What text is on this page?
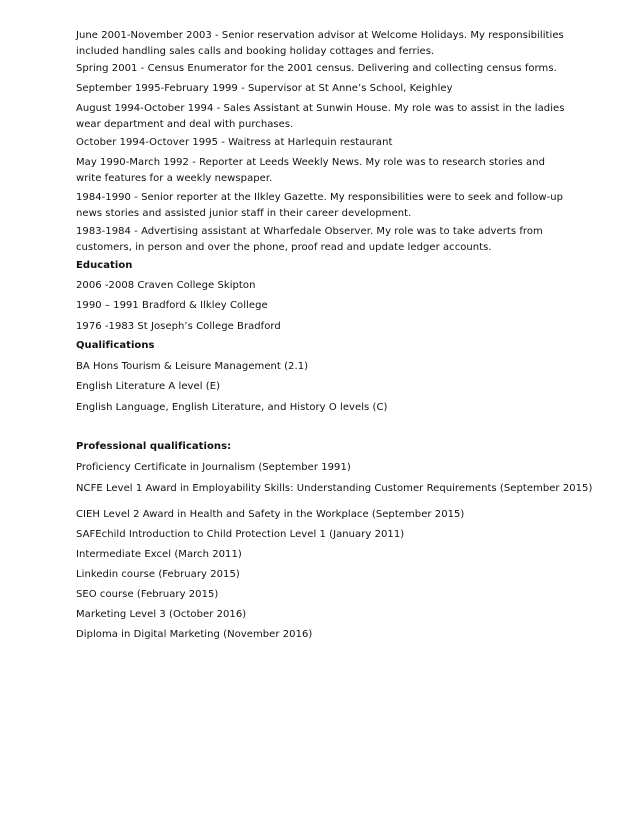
June 2001-November 2003 - Senior reservation advisor at Welcome Holidays. My responsibilities included handling sales calls and booking holiday cottages and ferries.
Spring 2001 - Census Enumerator for the 2001 census. Delivering and collecting census forms.
September 1995-February 1999 - Supervisor at St Anne’s School, Keighley
August 1994-October 1994 - Sales Assistant at Sunwin House. My role was to assist in the ladies wear department and deal with purchases.
October 1994-Octover 1995 - Waitress at Harlequin restaurant
May 1990-March 1992 - Reporter at Leeds Weekly News. My role was to research stories and write features for a weekly newspaper.
1984-1990 - Senior reporter at the Ilkley Gazette. My responsibilities were to seek and follow-up news stories and assisted junior staff in their career development.
1983-1984 - Advertising assistant at Wharfedale Observer. My role was to take adverts from customers, in person and over the phone, proof read and update ledger accounts.
Education
2006 -2008 Craven College Skipton
1990 – 1991 Bradford & Ilkley College
1976 -1983 St Joseph’s College Bradford
Qualifications
BA Hons Tourism & Leisure Management (2.1)
English Literature A level (E)
English Language, English Literature, and History O levels (C)
Professional qualifications:
Proficiency Certificate in Journalism (September 1991)
NCFE Level 1 Award in Employability Skills: Understanding Customer Requirements (September 2015)
CIEH Level 2 Award in Health and Safety in the Workplace (September 2015)
SAFEchild Introduction to Child Protection Level 1 (January 2011)
Intermediate Excel (March 2011)
Linkedin course (February 2015)
SEO course (February 2015)
Marketing Level 3 (October 2016)
Diploma in Digital Marketing (November 2016)
